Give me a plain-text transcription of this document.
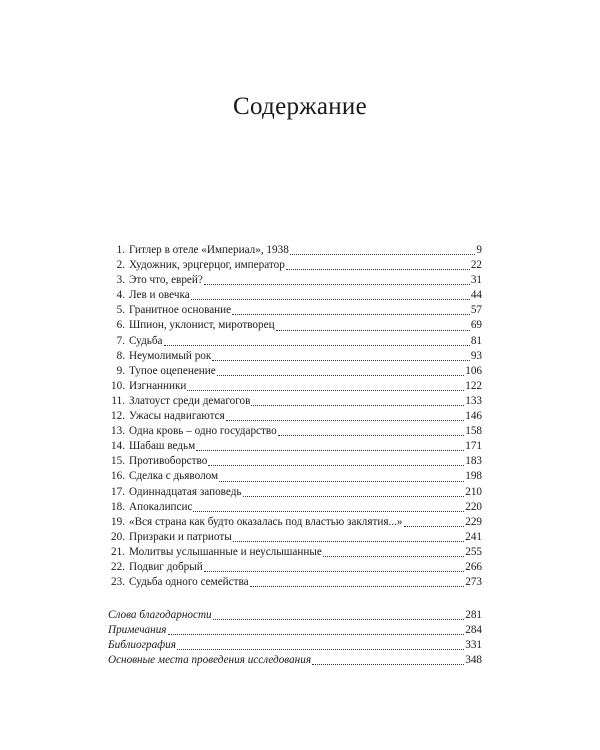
Содержание
1. Гитлер в отеле «Империал», 1938	9
2. Художник, эрцгерцог, император	22
3. Это что, еврей?	31
4. Лев и овечка	44
5. Гранитное основание	57
6. Шпион, уклонист, миротворец	69
7. Судьба	81
8. Неумолимый рок	93
9. Тупое оцепенение	106
10. Изгнанники	122
11. Златоуст среди демагогов	133
12. Ужасы надвигаются	146
13. Одна кровь – одно государство	158
14. Шабаш ведьм	171
15. Противоборство	183
16. Сделка с дьяволом	198
17. Одиннадцатая заповедь	210
18. Апокалипсис	220
19. «Вся страна как будто оказалась под властью заклятия...»	229
20. Призраки и патриоты	241
21. Молитвы услышанные и неуслышанные	255
22. Подвиг добрый	266
23. Судьба одного семейства	273
Слова благодарности	281
Примечания	284
Библиография	331
Основные места проведения исследования	348
